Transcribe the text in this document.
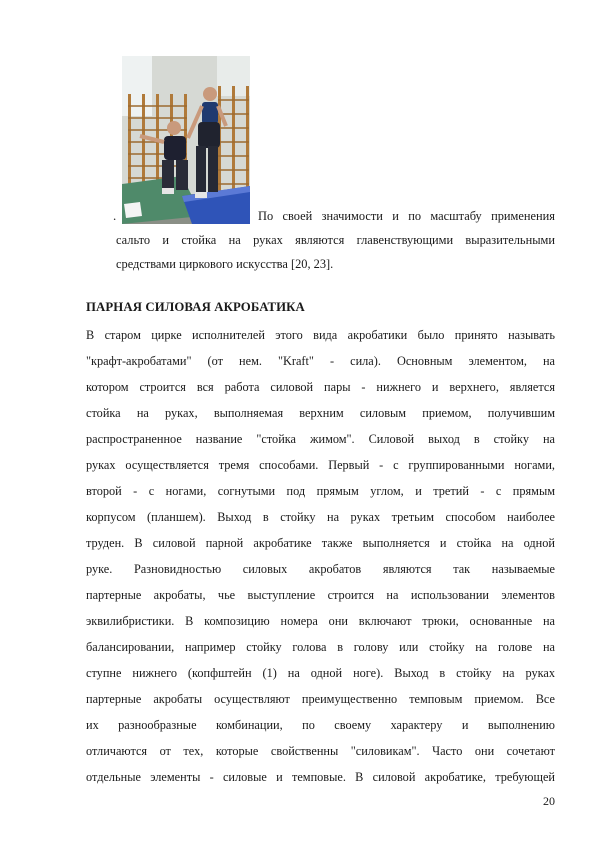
.	По своей значимости и по масштабу применения
сальто и стойка на руках являются главенствующими выразительными
средствами циркового искусства [20, 23].
ПАРНАЯ СИЛОВАЯ АКРОБАТИКА
В старом цирке исполнителей этого вида акробатики было принято называть
"крафт-акробатами" (от нем. "Kraft" - сила). Основным элементом, на
котором строится вся работа силовой пары - нижнего и верхнего, является
стойка на руках, выполняемая верхним силовым приемом, получившим
распространенное название "стойка жимом". Силовой выход в стойку на
руках осуществляется тремя способами. Первый - с группированными ногами,
второй - с ногами, согнутыми под прямым углом, и третий - с прямым
корпусом (планшем). Выход в стойку на руках третьим способом наиболее
труден. В силовой парной акробатике также выполняется и стойка на одной
руке. Разновидностью силовых акробатов являются так называемые
партерные акробаты, чье выступление строится на использовании элементов
эквилибристики. В композицию номера они включают трюки, основанные на
балансировании, например стойку голова в голову или стойку на голове на
ступне нижнего (копфштейн (1) на одной ноге). Выход в стойку на руках
партерные акробаты осуществляют преимущественно темповым приемом. Все
их разнообразные комбинации, по своему характеру и выполнению
отличаются от тех, которые свойственны "силовикам". Часто они сочетают
отдельные элементы - силовые и темповые. В силовой акробатике, требующей
20
